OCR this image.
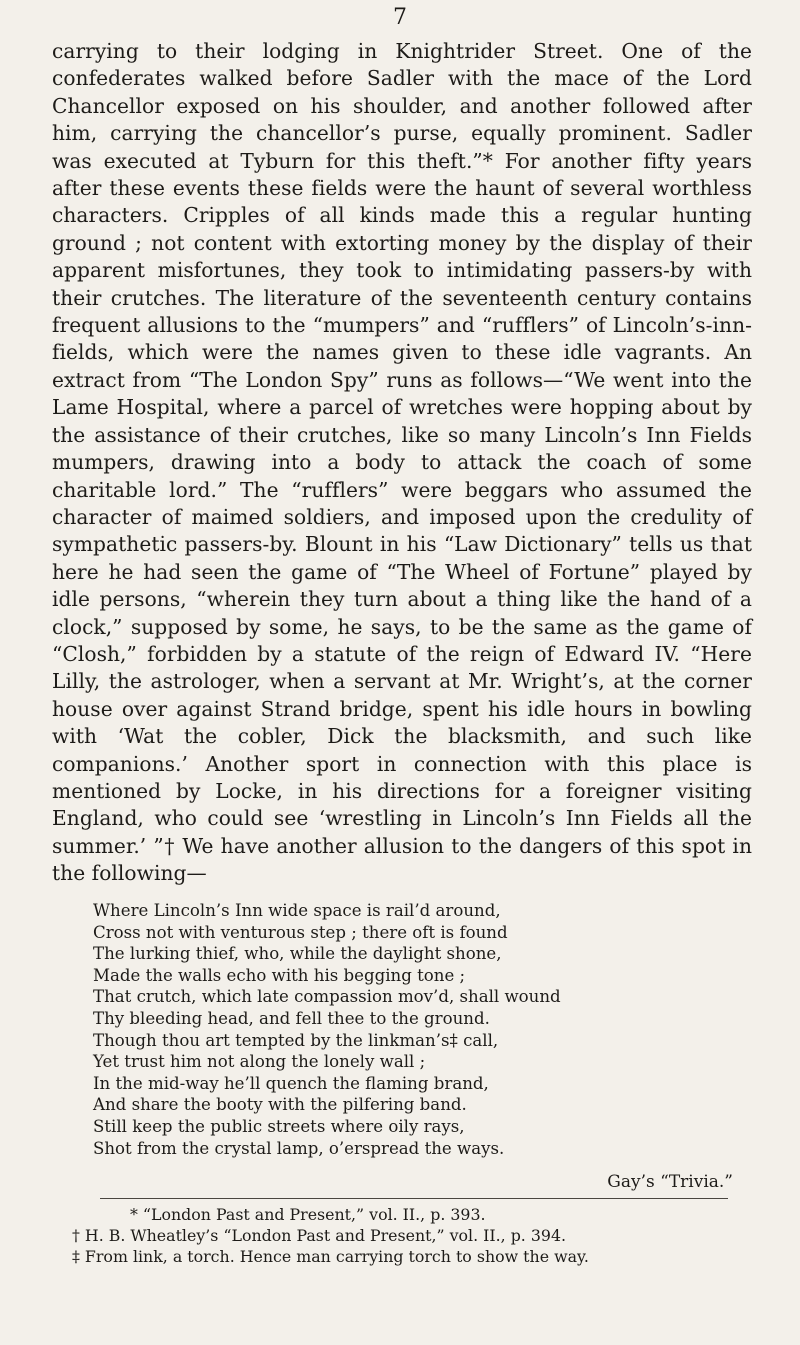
7

carrying to their lodging in Knightrider Street. One of the confederates walked before Sadler with the mace of the Lord Chancellor exposed on his shoulder, and another followed after him, carrying the chancellor’s purse, equally prominent. Sadler was executed at Tyburn for this theft.”* For another fifty years after these events these fields were the haunt of several worthless characters. Cripples of all kinds made this a regular hunting ground ; not content with extorting money by the display of their apparent misfortunes, they took to intimidating passers-by with their crutches. The literature of the seventeenth century contains frequent allusions to the “mumpers” and “rufflers” of Lincoln’s-inn-fields, which were the names given to these idle vagrants. An extract from “The London Spy” runs as follows—“We went into the Lame Hospital, where a parcel of wretches were hopping about by the assistance of their crutches, like so many Lincoln’s Inn Fields mumpers, drawing into a body to attack the coach of some charitable lord.” The “rufflers” were beggars who assumed the character of maimed soldiers, and imposed upon the credulity of sympathetic passers-by. Blount in his “Law Dictionary” tells us that here he had seen the game of “The Wheel of Fortune” played by idle persons, “wherein they turn about a thing like the hand of a clock,” supposed by some, he says, to be the same as the game of “Closh,” forbidden by a statute of the reign of Edward IV. “Here Lilly, the astrologer, when a servant at Mr. Wright’s, at the corner house over against Strand bridge, spent his idle hours in bowling with ‘Wat the cobler, Dick the blacksmith, and such like companions.’ Another sport in connection with this place is mentioned by Locke, in his directions for a foreigner visiting England, who could see ‘wrestling in Lincoln’s Inn Fields all the summer.’ ”† We have another allusion to the dangers of this spot in the following—

Where Lincoln’s Inn wide space is rail’d around,
Cross not with venturous step ; there oft is found
The lurking thief, who, while the daylight shone,
Made the walls echo with his begging tone ;
That crutch, which late compassion mov’d, shall wound
Thy bleeding head, and fell thee to the ground.
Though thou art tempted by the linkman’s‡ call,
Yet trust him not along the lonely wall ;
In the mid-way he’ll quench the flaming brand,
And share the booty with the pilfering band.
Still keep the public streets where oily rays,
Shot from the crystal lamp, o’erspread the ways.
Gay’s “Trivia.”
* “London Past and Present,” vol. II., p. 393.
† H. B. Wheatley’s “London Past and Present,” vol. II., p. 394.
‡ From link, a torch. Hence man carrying torch to show the way.
